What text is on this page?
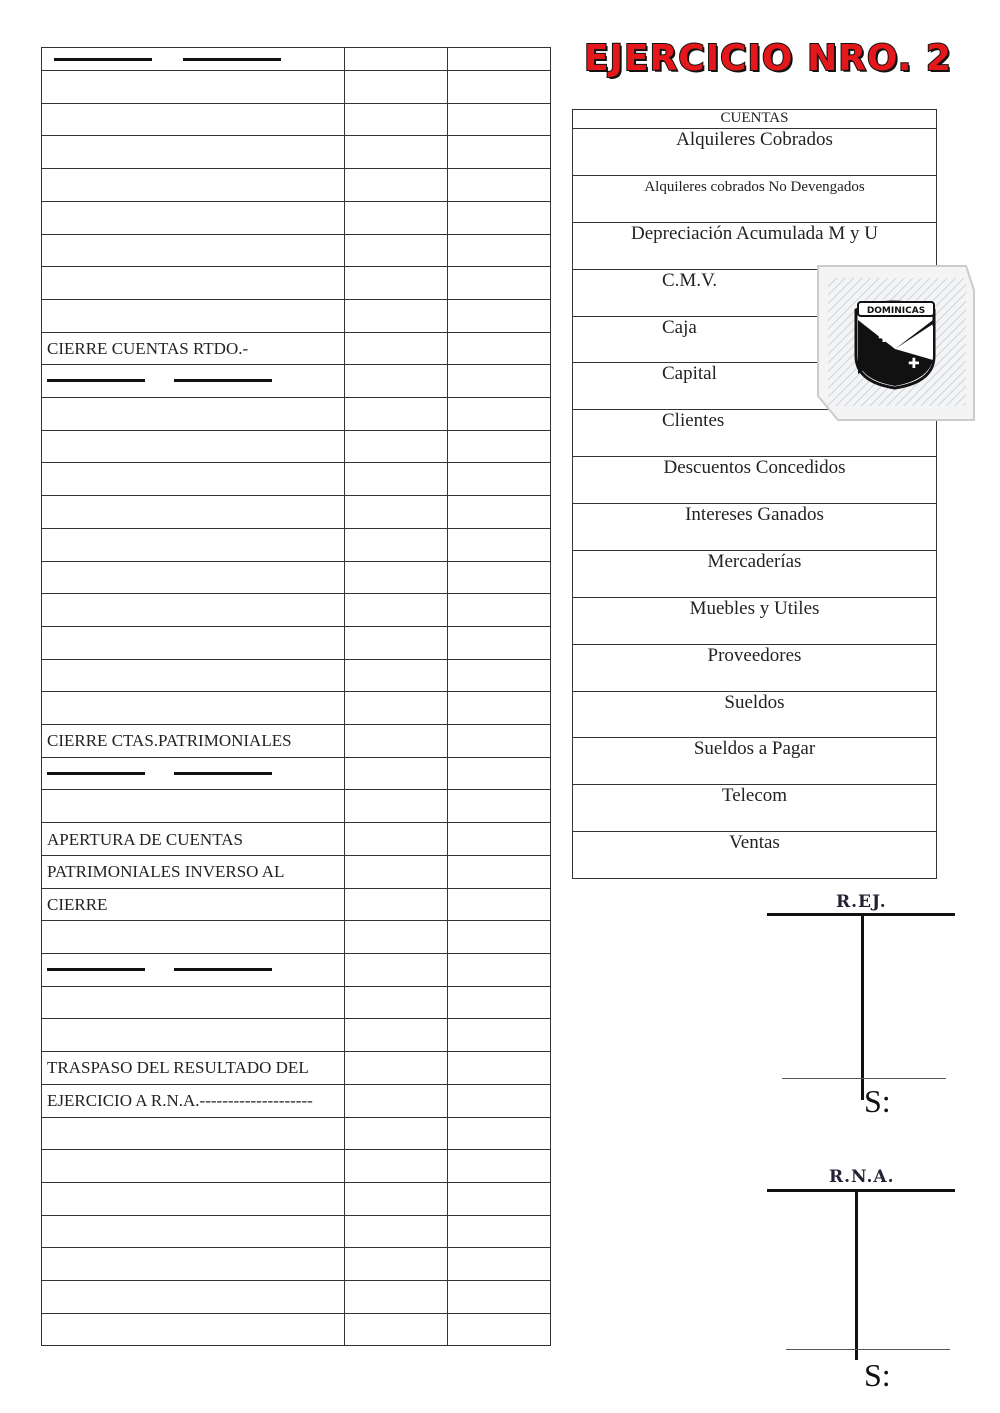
CIERRE CUENTAS RTDO.-		

CIERRE CTAS.PATRIMONIALES		

APERTURA DE CUENTAS		
PATRIMONIALES INVERSO AL		
CIERRE		

TRASPASO DEL RESULTADO DEL		
EJERCICIO A R.N.A.--------------------		

EJERCICIO NRO. 2
CUENTAS
Alquileres Cobrados
Alquileres cobrados No Devengados
Depreciación Acumulada M y U
C.M.V.
Caja
Capital
Clientes
Descuentos Concedidos
Intereses Ganados
Mercaderías
Muebles y Utiles
Proveedores
Sueldos
Sueldos a Pagar
Telecom
Ventas
DOMINICAS
✚
✚
R.EJ.
S:
R.N.A.
S:
